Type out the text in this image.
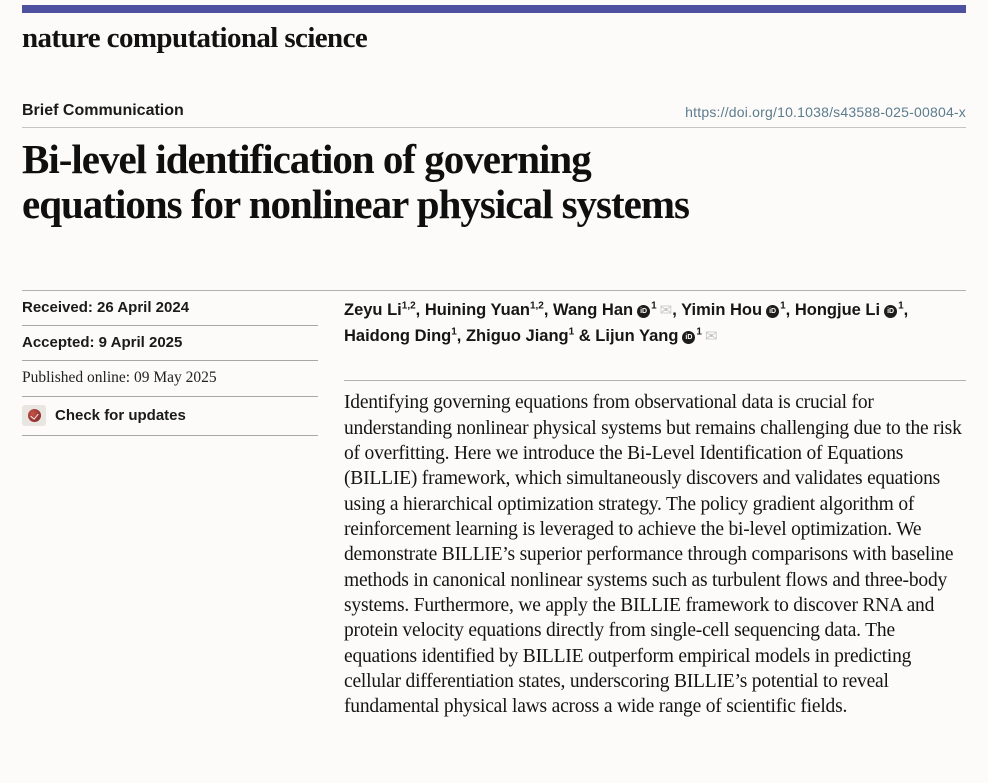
nature computational science
Brief Communication	https://doi.org/10.1038/s43588-025-00804-x
Bi-level identification of governing
equations for nonlinear physical systems
Received: 26 April 2024
Accepted: 9 April 2025
Published online: 09 May 2025
Check for updates
Zeyu Li$^{1,2}$, Huining Yuan$^{1,2}$, Wang Han iD $^1$ ✉, Yimin Hou iD $^1$, Hongjue Li iD $^1$, Haidong Ding$^1$, Zhiguo Jiang$^1$ & Lijun Yang iD $^1$ ✉

Identifying governing equations from observational data is crucial for understanding nonlinear physical systems but remains challenging due to the risk of overfitting. Here we introduce the Bi-Level Identification of Equations (BILLIE) framework, which simultaneously discovers and validates equations using a hierarchical optimization strategy. The policy gradient algorithm of reinforcement learning is leveraged to achieve the bi-level optimization. We demonstrate BILLIE’s superior performance through comparisons with baseline methods in canonical nonlinear systems such as turbulent flows and three-body systems. Furthermore, we apply the BILLIE framework to discover RNA and protein velocity equations directly from single-cell sequencing data. The equations identified by BILLIE outperform empirical models in predicting cellular differentiation states, underscoring BILLIE’s potential to reveal fundamental physical laws across a wide range of scientific fields.
